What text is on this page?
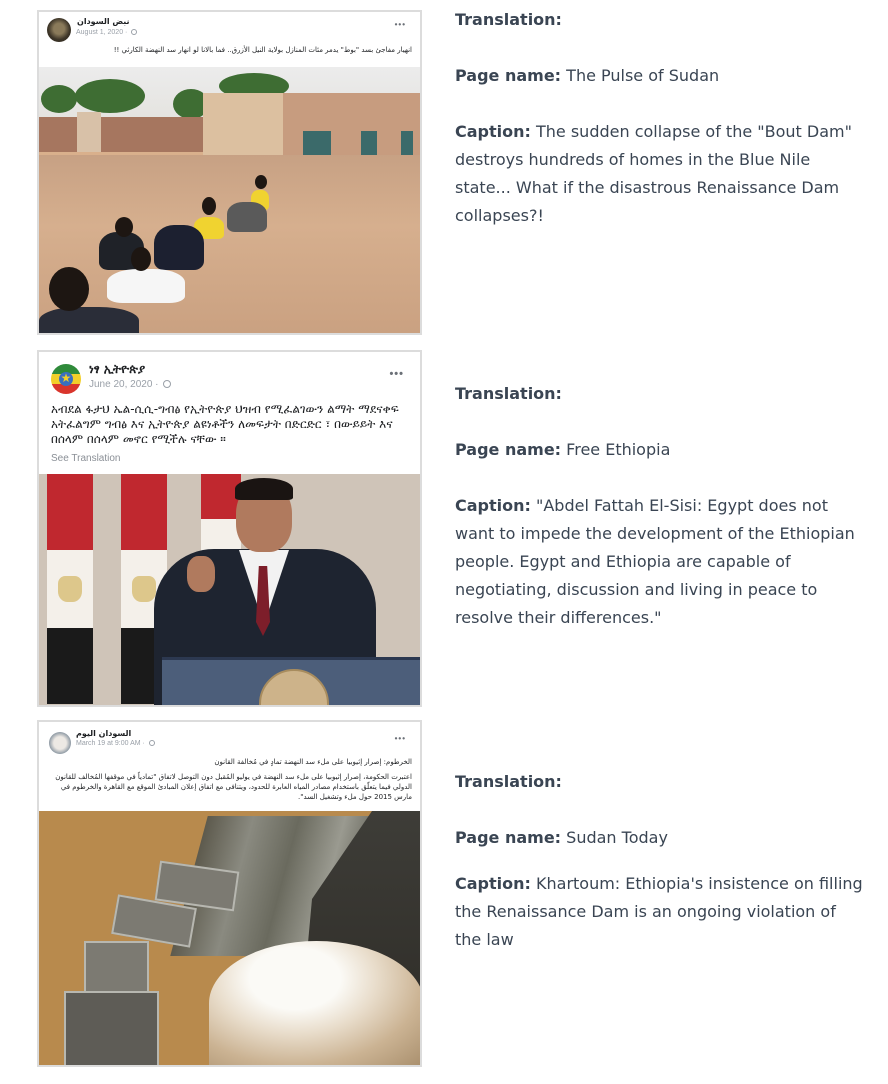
نبض السودان
August 1, 2020 ·
•••
انهيار مفاجئ بسد "بوط" يدمر مئات المنازل بولاية النيل الأزرق.. فما بالانا لو انهار سد النهضة الكارثي !!
★
ነፃ ኢትዮጵያ
June 20, 2020 ·
•••
አብደል ፋታህ ኤል-ሲሲ-ግብፅ የኢትዮጵያ ህዝብ የሚፈልገውን ልማት ማደናቀፍ አትፈልግም ግብፅ እና ኢትዮጵያ ልዩነቶችን ለመፍታት በድርድር ፣ በውይይት እና በሰላም በሰላም መኖር የሚችሉ ናቸው ።
See Translation
السودان اليوم
March 19 at 9:00 AM ·
•••
الخرطوم: إصرار إثيوبيا على ملء سد النهضة تمادٍ في مُخالفة القانون
اعتبرت الحكومة، إصرار إثيوبيا على ملء سد النهضة في يوليو المُقبل دون التوصل لاتفاق "تمادياً في موقفها المُخالف للقانون الدولي فيما يتعلّق باستخدام مصادر المياه العابرة للحدود، ويتنافى مع اتفاق إعلان المبادئ الموقع مع القاهرة والخرطوم في مارس 2015 حول ملء وتشغيل السد".

Translation:

Page name: The Pulse of Sudan

Caption: The sudden collapse of the "Bout Dam" destroys hundreds of homes in the Blue Nile state... What if the disastrous Renaissance Dam collapses?!

Translation:

Page name: Free Ethiopia

Caption: "Abdel Fattah El-Sisi: Egypt does not want to impede the development of the Ethiopian people. Egypt and Ethiopia are capable of negotiating, discussion and living in peace to resolve their differences."

Translation:

Page name: Sudan Today

Caption: Khartoum: Ethiopia's insistence on filling the Renaissance Dam is an ongoing violation of the law
